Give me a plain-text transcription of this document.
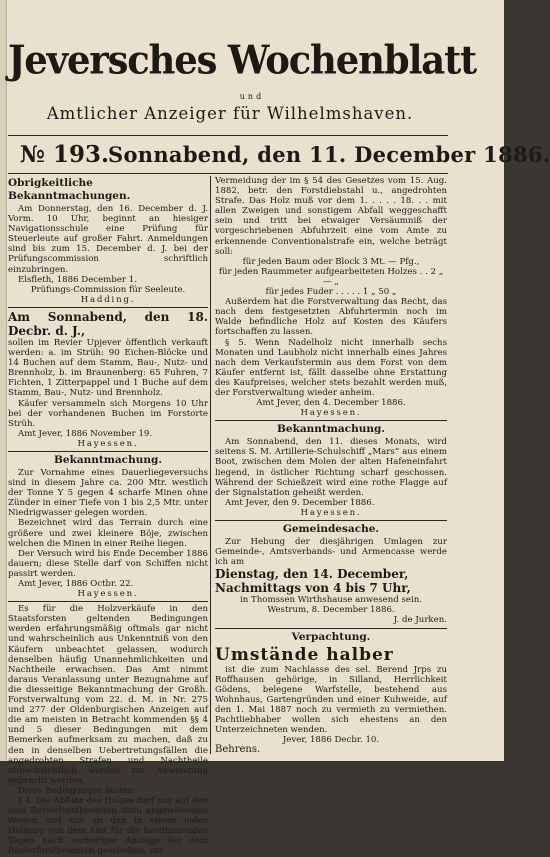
Jeversches Wochenblatt
und
Amtlicher Anzeiger für Wilhelmshaven.
№ 193.
Sonnabend, den 11. December 1886.

Obrigkeitliche Bekanntmachungen.

Am Donnerstag, den 16. December d. J. Vorm. 10 Uhr, beginnt an hiesiger Navigationsschule eine Prüfung für Steuerleute auf großer Fahrt. Anmeldungen sind bis zum 15. December d. J. bei der Prüfungscommission schriftlich einzubringen.

Elsfleth, 1886 December 1.

Prüfungs-Commission für Seeleute.

Hadding.

Am Sonnabend, den 18. Decbr. d. J.,

sollen im Revier Upjever öffentlich verkauft werden: a. im Strüh: 90 Eichen-Blöcke und 14 Buchen auf dem Stamm, Bau-, Nutz- und Brennholz, b. im Braunenberg: 65 Fuhren, 7 Fichten, 1 Zitterpappel und 1 Buche auf dem Stamm, Bau-, Nutz- und Brennholz.

Käufer versammeln sich Morgens 10 Uhr bei der vorhandenen Buchen im Forstorte Strüh.

Amt Jever, 1886 November 19.

Hayessen.

Bekanntmachung.

Zur Vornahme eines Dauerliegeversuchs sind in diesem Jahre ca. 200 Mtr. westlich der Tonne Y 5 gegen 4 scharfe Minen ohne Zünder in einer Tiefe von 1 bis 2,5 Mtr. unter Niedrigwasser gelegen worden.

Bezeichnet wird das Terrain durch eine größere und zwei kleinere Böje, zwischen welchen die Minen in einer Reihe liegen.

Der Versuch wird bis Ende December 1886 dauern; diese Stelle darf von Schiffen nicht passirt werden.

Amt Jever, 1886 Octbr. 22.

Hayessen.

Es für die Holzverkäufe in den Staatsforsten geltenden Bedingungen werden erfahrungsmäßig oftmals gar nicht und wahrscheinlich aus Unkenntniß von den Käufern unbeachtet gelassen, wodurch denselben häufig Unannehmlichkeiten und Nachtheile erwachsen. Das Amt nimmt daraus Veranlassung unter Bezugnahme auf die diesseitige Bekanntmachung der Großh. Forstverwaltung vom 22. d. M. in Nr. 275 und 277 der Oldenburgischen Anzeigen auf die am meisten in Betracht kommenden §§ 4 und 5 dieser Bedingungen mit dem Bemerken aufmerksam zu machen, daß zu den in denselben Uebertretungsfällen die angedrohten Strafen und Nachtheile unnachsichtlich werden zur Anwendung gebracht werden.

Diese Bedingungen lauten:

§ 4. Die Abfuhr des Holzes darf nur auf den vom Revierforstbeamten dazu angewiesenen Wegen und nur an den in einem jeden Holzung von dem Amt für die bestimmenden Tagen nach vorheriger Anzeige bei dem Revierforstbeamten geschehen, zur

Vermeidung der im § 54 des Gesetzes vom 15. Aug. 1882, betr. den Forstdiebstahl u., angedrohten Strafe. Das Holz muß vor dem 1. . . . . 18. . . mit allen Zweigen und sonstigem Abfall weggeschafft sein und tritt bei etwaiger Versäumniß der vorgeschriebenen Abfuhrzeit eine vom Amte zu erkennende Conventionalstrafe ein, welche beträgt soll:

für jeden Baum oder Block 3 Mt. — Pfg.,

für jeden Raummeter aufgearbeiteten Holzes . . 2 „ — „

für jedes Fuder . . . . . 1 „ 50 „

Außerdem hat die Forstverwaltung das Recht, das nach dem festgesetzten Abfuhrtermin noch im Walde befindliche Holz auf Kosten des Käufers fortschaffen zu lassen.

§ 5. Wenn Nadelholz nicht innerhalb sechs Monaten und Laubholz nicht innerhalb eines Jahres nach dem Verkaufstermin aus dem Forst von dem Käufer entfernt ist, fällt dasselbe ohne Erstattung des Kaufpreises, welcher stets bezahlt werden muß, der Forstverwaltung wieder anheim.

Amt Jever, den 4. December 1886.

Hayessen.

Bekanntmachung.

Am Sonnabend, den 11. dieses Monats, wird seitens S. M. Artillerie-Schulschiff „Mars“ aus einem Boot, zwischen dem Molen der alten Hafeneinfahrt liegend, in östlicher Richtung scharf geschossen. Während der Schießzeit wird eine rothe Flagge auf der Signalstation geheißt werden.

Amt Jever, den 9. December 1886.

Hayessen.

Gemeindesache.

Zur Hebung der diesjährigen Umlagen zur Gemeinde-, Amtsverbands- und Armencasse werde ich am

Dienstag, den 14. December,

Nachmittags von 4 bis 7 Uhr,

in Thomssen Wirthshause anwesend sein.

Westrum, 8. December 1886.

J. de Jurken.

Verpachtung.

Umstände halber

ist die zum Nachlasse des sel. Berend Jrps zu Roffhausen gehörige, in Silland, Herrlichkeit Gödens, belegene Warfstelle, bestehend aus Wohnhaus, Gartengründen und einer Kuhweide, auf den 1. Mai 1887 noch zu vermieth zu vermiethen. Pachtliebhaber wollen sich ehestens an den Unterzeichneten wenden.

Jever, 1886 Decbr. 10.

Behrens.
